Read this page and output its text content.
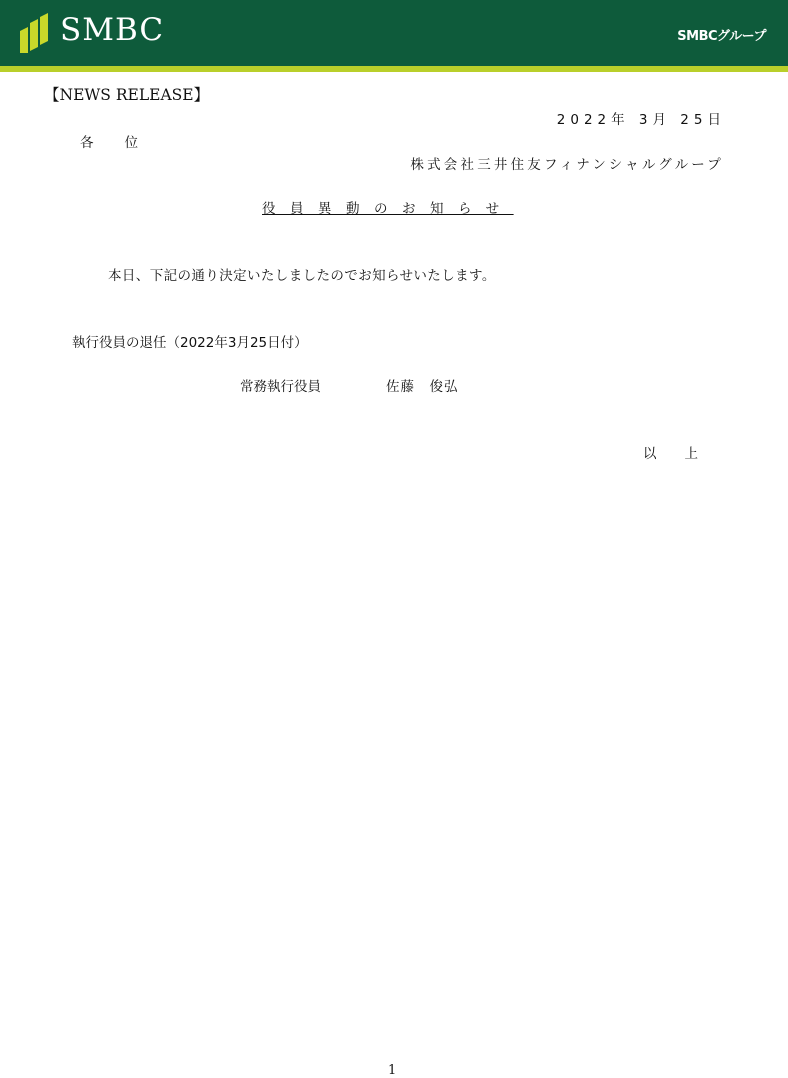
SMBC	SMBCグループ
【NEWS RELEASE】
2022年 3月 25日
各位
株式会社三井住友フィナンシャルグループ
役員異動のお知らせ
本日、下記の通り決定いたしましたのでお知らせいたします。
執行役員の退任（2022年3月25日付）
常務執行役員	佐藤　俊弘
以上
1
